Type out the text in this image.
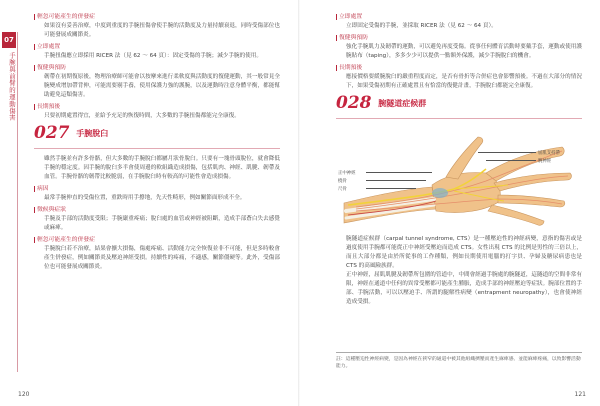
07
手腕與前臂的運動傷害
輕忽可能產生的併發症
如果沒有妥善治療，中度到重度的手腕扭傷會使手腕的活動度及力量持續衰退，同時受傷部位也可能發展成關節炎。
立即處置
手腕扭傷應立即採用 RICER 法（見 62 ～ 64 頁）：固定受傷的手腕；減少手腕的使用。
復健與預防
韌帶在初期復原後，物理治療師可能會以按摩來進行柔軟度與活動度的復健運動，其一般常見全腕變成增加帶背伸，可能需要剔手養，使用保護力強的護腕，以及運動時注意身體平衡，都能幫助避免這類傷害。
長期預後
只要初期處置得宜，並給予充足的恢復時間，大多數的手腕扭傷都能完全康復。
027 手腕脫臼
雖然手腕並有許多骨骼，但大多數的手腕脫臼都屬月狀骨脫臼。只要有一塊骨頭脫位，就會降低手腕的穩定度。因手腕的脫臼多半會使周邊的軟組織造成損傷，包括肌肉、神經、肌腱、韌帶及血管。手腕骨骼的韌帶比較脆弱，在手腕脫臼時有較高的可能性會造成損傷。
病因
最常手腕伸直的受傷位置，重跌時用手撐地，先天性畸形，例如關節面形成不全。
徵候與症狀
手腕及手部的活動度受限；手腕嚴重疼痛；脫臼處的血管或神經被阻斷，造成手部蒼白失去感覺或麻痺。
輕忽可能產生的併發症
手腕脫臼若不治療，結果會擴大損傷，傷處疼痛、活動能力完全恢復並非不可能，但是多時較會產生併發症，例如關節炎及壓迫神經受損。持續性的疼痛，不適感，關節僵硬等。此外，受傷部位也可能發展成關節炎。
120
立即處置
立即固定受傷的手腕，並採取 RICER 法（見 62 ～ 64 頁）。
復健與預防
強化手腕肌力及韌帶的運動，可以避免再度受傷。從事任何體育活動時要戴手套，運動或使用護腕貼布（taping），多多少少可以提供一點額外保護，減少手腕脫臼的機會。
長期預後
應接價格要緩腕脫臼的嚴重程度而定，是否有骨折等合併症也會影響預後。不過在大部分的情況下，如果受傷初期有正確處置且有恰當的復健計畫，手腕脫臼都能完全康復。
028 腕隧道症候群
屈肌支持帶
腕神經
正中神經
橈骨
尺骨
腕隧道症候群（carpal tunnel syndrome, CTS）是一種壓迫性的神經病變，意指的傷害或是過度使用手腕都可能從正中神經受壓迫而造成 CTS。女性出現 CTS 的比例是男性的三倍以上，而且大部分都是由於所從事的工作種類，例如長期使用電腦的打字員、孕婦及糖尿病患也是 CTS 的高風險族群。
正中神經，屈肌肌腱及韌帶所包圍的管道中，中間會經過手腕處的腕隧道，這隧道的空間非常有限，神經在通道中任何的異常受壓都可能產生腫脹，造成手部的神經壓迫等症狀。腕部位置的手部、手腕活動，可以以壓迫手、所謂的腿解性病變（entrapment neuropathy），也會使神經造成受損。
註：這種壓迫性神經病變，是因為神經在狹窄的通道中被其他組織擠壓而產生麻痺感、並能麻痺疼痛，以致影響活動能力。
121
